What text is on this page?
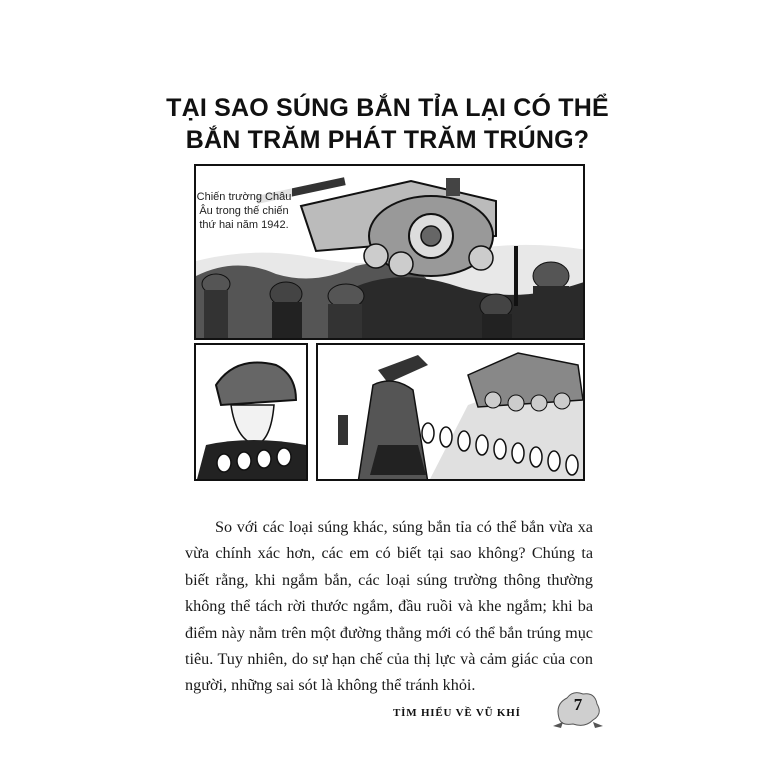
TẠI SAO SÚNG BẮN TỈA LẠI CÓ THỂ
BẮN TRĂM PHÁT TRĂM TRÚNG?
Chiến trường Châu Âu trong thế chiến thứ hai năm 1942.

So với các loại súng khác, súng bắn tỉa có thể bắn vừa xa vừa chính xác hơn, các em có biết tại sao không? Chúng ta biết rằng, khi ngắm bắn, các loại súng trường thông thường không thể tách rời thước ngắm, đầu ruồi và khe ngắm; khi ba điểm này nằm trên một đường thẳng mới có thể bắn trúng mục tiêu. Tuy nhiên, do sự hạn chế của thị lực và cảm giác của con người, những sai sót là không thể tránh khỏi.

TÌM HIỂU VỀ VŨ KHÍ	7
